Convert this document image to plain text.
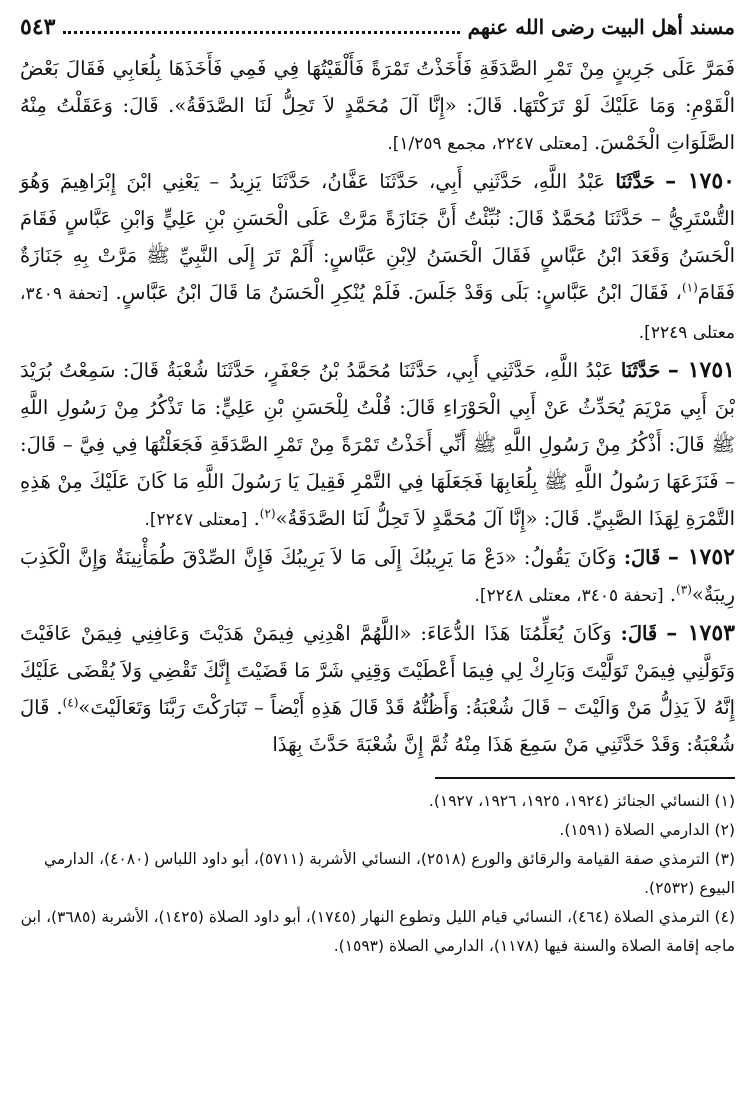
٥٤٣	مسند أهل البيت رضى الله عنهم

فَمَرَّ عَلَى جَرِينٍ مِنْ تَمْرِ الصَّدَقَةِ فَأَخَذْتُ تَمْرَةً فَأَلْقَيْتُهَا فِي فَمِي فَأَخَذَهَا بِلُعَابِي فَقَالَ بَعْضُ الْقَوْمِ: وَمَا عَلَيْكَ لَوْ تَرَكْتَهَا. قَالَ: «إِنَّا آلَ مُحَمَّدٍ لاَ تَحِلُّ لَنَا الصَّدَقَةُ». قَالَ: وَعَقَلْتُ مِنْهُ الصَّلَوَاتِ الْخَمْسَ. [معتلى ٢٢٤٧، مجمع ١/٢٥٩].

١٧٥٠ – حَدَّثَنَا عَبْدُ اللَّهِ، حَدَّثَنِي أَبِي، حَدَّثَنَا عَفَّانُ، حَدَّثَنَا يَزِيدُ – يَعْنِي ابْنَ إِبْرَاهِيمَ وَهُوَ التُّسْتَرِيُّ – حَدَّثَنَا مُحَمَّدٌ قَالَ: نُبِّئْتُ أَنَّ جَنَازَةً مَرَّتْ عَلَى الْحَسَنِ بْنِ عَلِيٍّ وَابْنِ عَبَّاسٍ فَقَامَ الْحَسَنُ وَقَعَدَ ابْنُ عَبَّاسٍ فَقَالَ الْحَسَنُ لاِبْنِ عَبَّاسٍ: أَلَمْ تَرَ إِلَى النَّبِيِّ ﷺ مَرَّتْ بِهِ جَنَازَةٌ فَقَامَ$^{(١)}$، فَقَالَ ابْنُ عَبَّاسٍ: بَلَى وَقَدْ جَلَسَ. فَلَمْ يُنْكِرِ الْحَسَنُ مَا قَالَ ابْنُ عَبَّاسٍ. [تحفة ٣٤٠٩، معتلى ٢٢٤٩].

١٧٥١ – حَدَّثَنَا عَبْدُ اللَّهِ، حَدَّثَنِي أَبِي، حَدَّثَنَا مُحَمَّدُ بْنُ جَعْفَرٍ، حَدَّثَنَا شُعْبَةُ قَالَ: سَمِعْتُ بُرَيْدَ بْنَ أَبِي مَرْيَمَ يُحَدِّثُ عَنْ أَبِي الْحَوْرَاءِ قَالَ: قُلْتُ لِلْحَسَنِ بْنِ عَلِيٍّ: مَا تَذْكُرُ مِنْ رَسُولِ اللَّهِ ﷺ قَالَ: أَذْكُرُ مِنْ رَسُولِ اللَّهِ ﷺ أَنِّي أَخَذْتُ تَمْرَةً مِنْ تَمْرِ الصَّدَقَةِ فَجَعَلْتُهَا فِي فِيَّ – قَالَ: – فَنَزَعَهَا رَسُولُ اللَّهِ ﷺ بِلُعَابِهَا فَجَعَلَهَا فِي التَّمْرِ فَقِيلَ يَا رَسُولَ اللَّهِ مَا كَانَ عَلَيْكَ مِنْ هَذِهِ التَّمْرَةِ لِهَذَا الصَّبِيِّ. قَالَ: «إِنَّا آلَ مُحَمَّدٍ لاَ تَحِلُّ لَنَا الصَّدَقَةُ»$^{(٢)}$. [معتلى ٢٢٤٧].

١٧٥٢ – قَالَ: وَكَانَ يَقُولُ: «دَعْ مَا يَرِيبُكَ إِلَى مَا لاَ يَرِيبُكَ فَإِنَّ الصِّدْقَ طُمَأْنِينَةٌ وَإِنَّ الْكَذِبَ رِيبَةٌ»$^{(٣)}$. [تحفة ٣٤٠٥، معتلى ٢٢٤٨].

١٧٥٣ – قَالَ: وَكَانَ يُعَلِّمُنَا هَذَا الدُّعَاءَ: «اللَّهُمَّ اهْدِنِي فِيمَنْ هَدَيْتَ وَعَافِنِي فِيمَنْ عَافَيْتَ وَتَوَلَّنِي فِيمَنْ تَوَلَّيْتَ وَبَارِكْ لِي فِيمَا أَعْطَيْتَ وَقِنِي شَرَّ مَا قَضَيْتَ إِنَّكَ تَقْضِي وَلاَ يُقْضَى عَلَيْكَ إِنَّهُ لاَ يَذِلُّ مَنْ وَالَيْتَ – قَالَ شُعْبَةُ: وَأَظُنُّهُ قَدْ قَالَ هَذِهِ أَيْضاً – تَبَارَكْتَ رَبَّنَا وَتَعَالَيْتَ»$^{(٤)}$. قَالَ شُعْبَةُ: وَقَدْ حَدَّثَنِي مَنْ سَمِعَ هَذَا مِنْهُ ثُمَّ إِنَّ شُعْبَةَ حَدَّثَ بِهَذَا

(١) النسائي الجنائز (١٩٢٤، ١٩٢٥، ١٩٢٦، ١٩٢٧).

(٢) الدارمي الصلاة (١٥٩١).

(٣) الترمذي صفة القيامة والرقائق والورع (٢٥١٨)، النسائي الأشربة (٥٧١١)، أبو داود اللباس (٤٠٨٠)، الدارمي البيوع (٢٥٣٢).

(٤) الترمذي الصلاة (٤٦٤)، النسائي قيام الليل وتطوع النهار (١٧٤٥)، أبو داود الصلاة (١٤٢٥)، الأشربة (٣٦٨٥)، ابن ماجه إقامة الصلاة والسنة فيها (١١٧٨)، الدارمي الصلاة (١٥٩٣).
